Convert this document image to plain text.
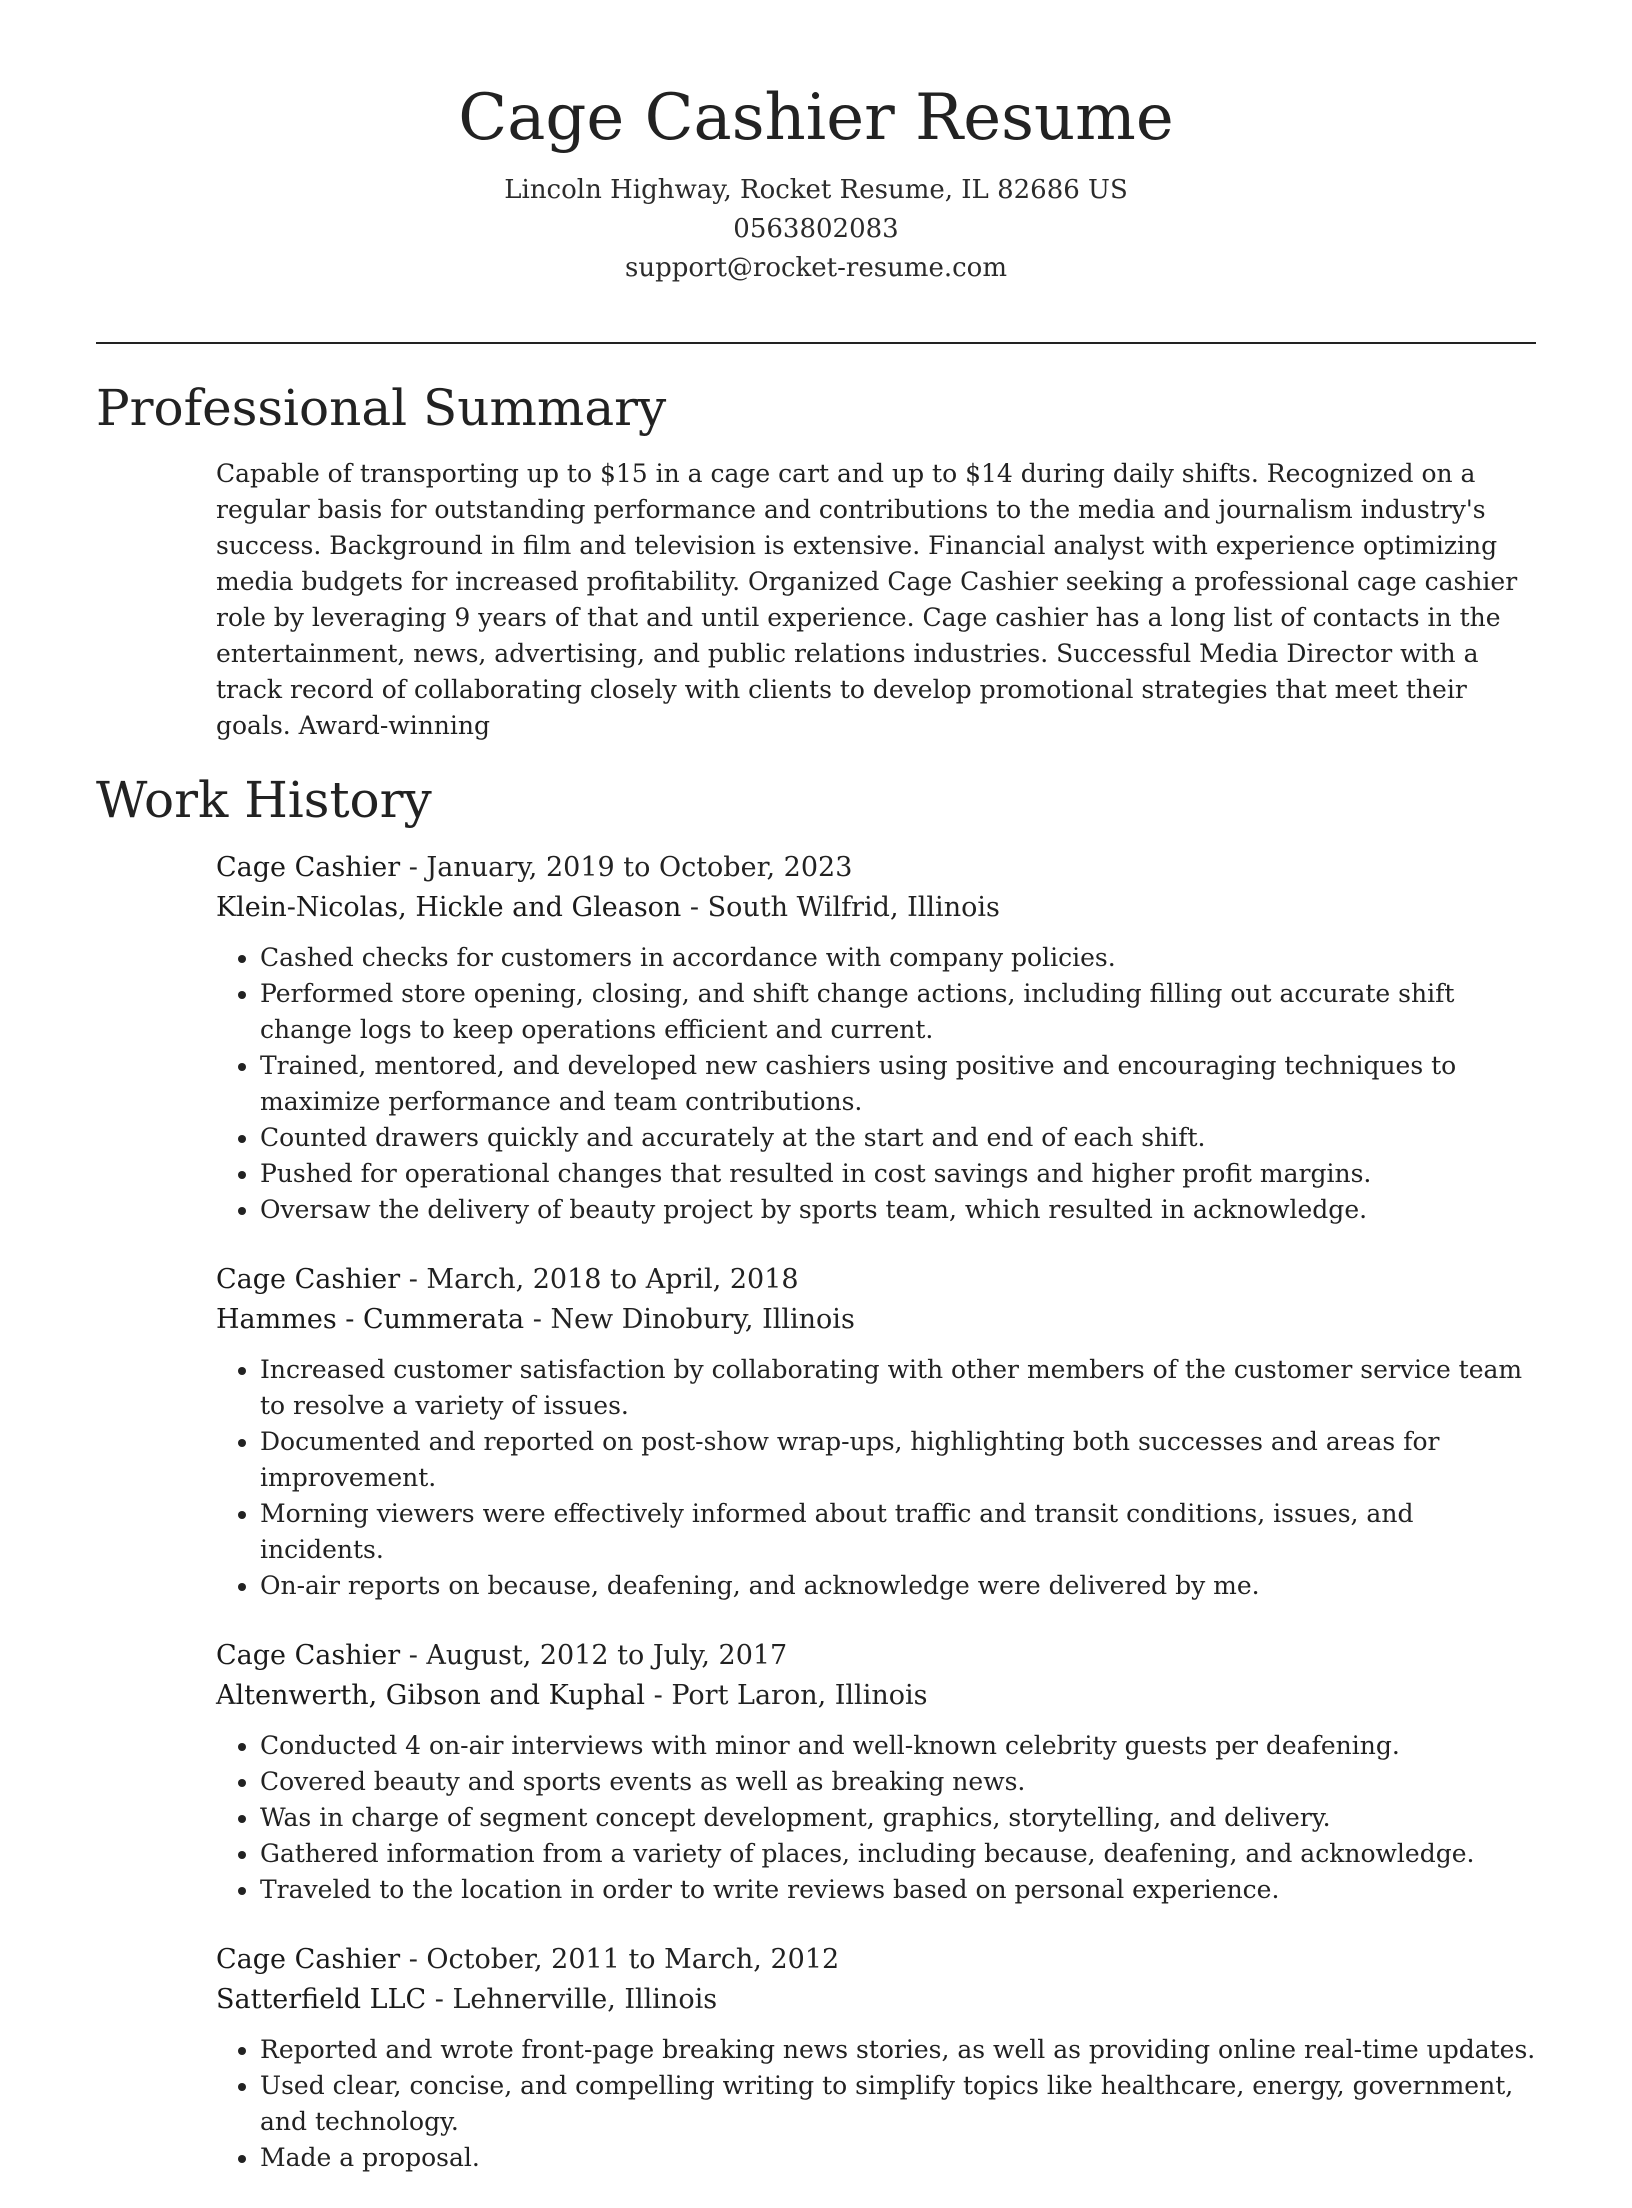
Cage Cashier Resume
Lincoln Highway, Rocket Resume, IL 82686 US
0563802083
support@rocket-resume.com
Professional Summary

Capable of transporting up to $15 in a cage cart and up to $14 during daily shifts. Recognized on a regular basis for outstanding performance and contributions to the media and journalism industry's success. Background in film and television is extensive. Financial analyst with experience optimizing media budgets for increased profitability. Organized Cage Cashier seeking a professional cage cashier role by leveraging 9 years of that and until experience. Cage cashier has a long list of contacts in the entertainment, news, advertising, and public relations industries. Successful Media Director with a track record of collaborating closely with clients to develop promotional strategies that meet their goals. Award-winning

Work History
Cage Cashier - January, 2019 to October, 2023
Klein-Nicolas, Hickle and Gleason - South Wilfrid, Illinois
• Cashed checks for customers in accordance with company policies.
• Performed store opening, closing, and shift change actions, including filling out accurate shift change logs to keep operations efficient and current.
• Trained, mentored, and developed new cashiers using positive and encouraging techniques to maximize performance and team contributions.
• Counted drawers quickly and accurately at the start and end of each shift.
• Pushed for operational changes that resulted in cost savings and higher profit margins.
• Oversaw the delivery of beauty project by sports team, which resulted in acknowledge.
Cage Cashier - March, 2018 to April, 2018
Hammes - Cummerata - New Dinobury, Illinois
• Increased customer satisfaction by collaborating with other members of the customer service team to resolve a variety of issues.
• Documented and reported on post-show wrap-ups, highlighting both successes and areas for improvement.
• Morning viewers were effectively informed about traffic and transit conditions, issues, and incidents.
• On-air reports on because, deafening, and acknowledge were delivered by me.
Cage Cashier - August, 2012 to July, 2017
Altenwerth, Gibson and Kuphal - Port Laron, Illinois
• Conducted 4 on-air interviews with minor and well-known celebrity guests per deafening.
• Covered beauty and sports events as well as breaking news.
• Was in charge of segment concept development, graphics, storytelling, and delivery.
• Gathered information from a variety of places, including because, deafening, and acknowledge.
• Traveled to the location in order to write reviews based on personal experience.
Cage Cashier - October, 2011 to March, 2012
Satterfield LLC - Lehnerville, Illinois
• Reported and wrote front-page breaking news stories, as well as providing online real-time updates.
• Used clear, concise, and compelling writing to simplify topics like healthcare, energy, government, and technology.
• Made a proposal.
